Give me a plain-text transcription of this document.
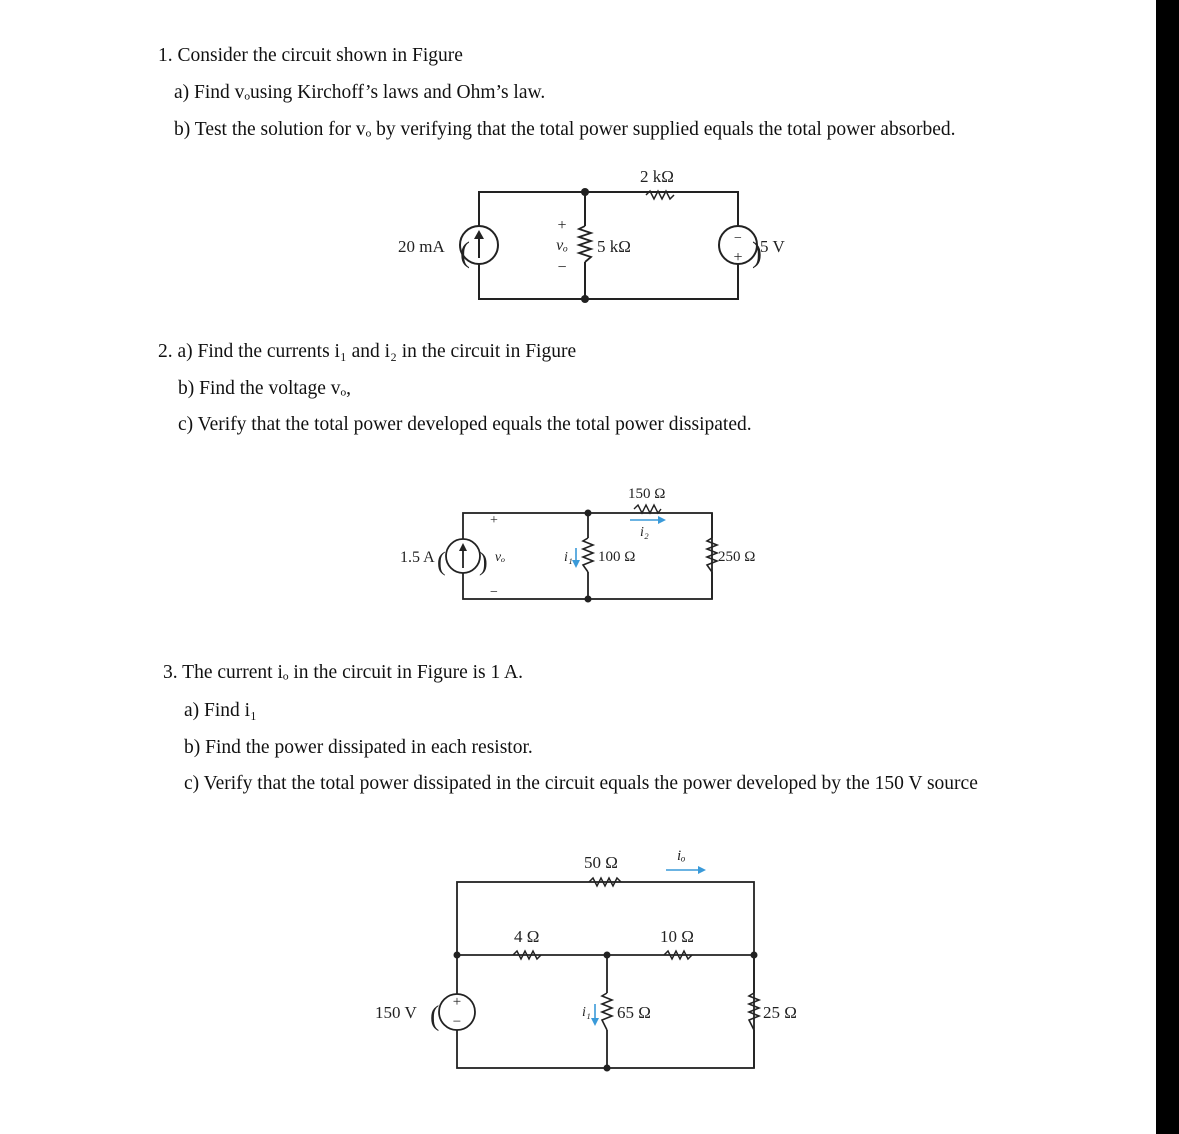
1. Consider the circuit shown in Figure
a) Find vₒusing Kirchoff’s laws and Ohm’s law.
b) Test the solution for vₒ by verifying that the total power supplied equals the total power absorbed.
2. a) Find the currents i₁ and i₂ in the circuit in Figure
b) Find the voltage vₒ,
c) Verify that the total power developed equals the total power dissipated.
3. The current iₒ in the circuit in Figure is 1 A.
a) Find i₁
b) Find the power dissipated in each resistor.
c) Verify that the total power dissipated in the circuit equals the power developed by the 150 V source
−
+
20 mA (	)
5 V
5 kΩ
2 kΩ
+
vₒ
−
1.5 A ( )
+
vₒ
−
100 Ω	250 Ω
150 Ω
i₁
i₂
+
−
150 V (
50 Ω
4 Ω	10 Ω
65 Ω	25 Ω
iₒ
i₁
